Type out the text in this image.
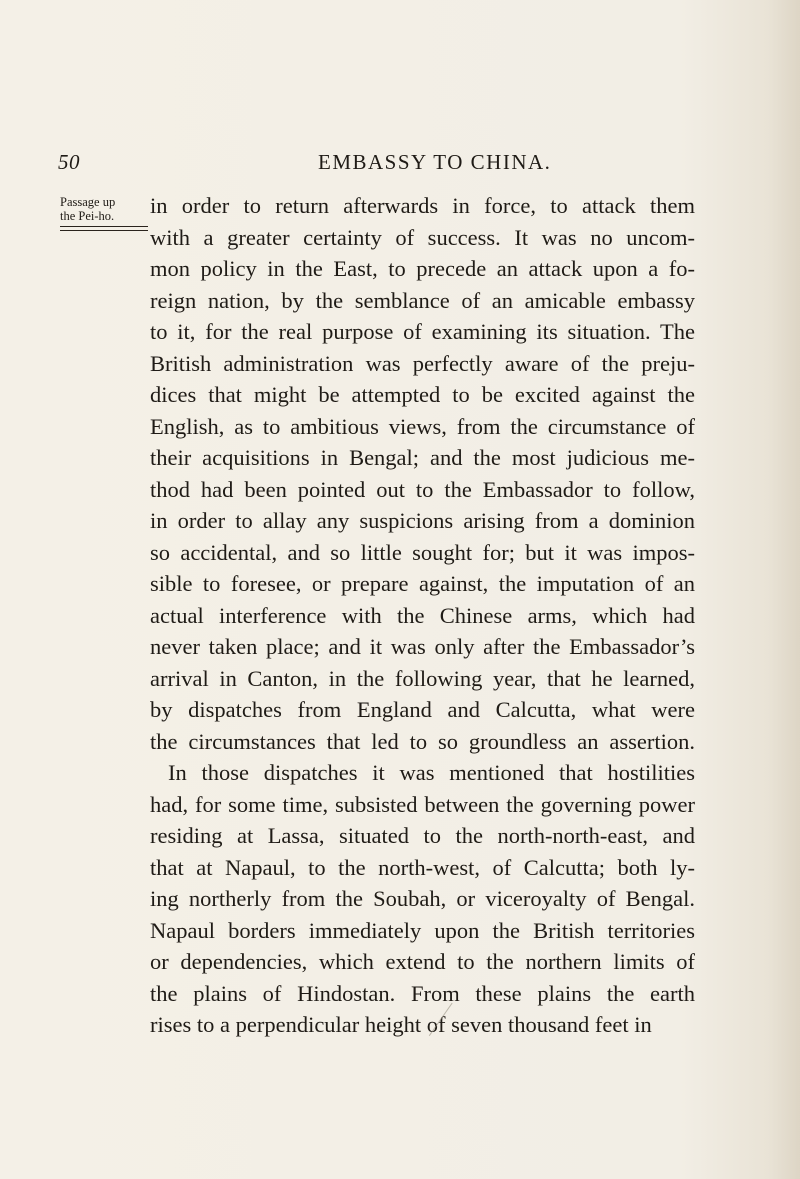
50	EMBASSY TO CHINA.
Passage up
the Pei-ho.	in order to return afterwards in force, to attack them
with a greater certainty of success. It was no uncom-
mon policy in the East, to precede an attack upon a fo-
reign nation, by the semblance of an amicable embassy
to it, for the real purpose of examining its situation. The
British administration was perfectly aware of the preju-
dices that might be attempted to be excited against the
English, as to ambitious views, from the circumstance of
their acquisitions in Bengal; and the most judicious me-
thod had been pointed out to the Embassador to follow,
in order to allay any suspicions arising from a dominion
so accidental, and so little sought for; but it was impos-
sible to foresee, or prepare against, the imputation of an
actual interference with the Chinese arms, which had
never taken place; and it was only after the Embassador’s
arrival in Canton, in the following year, that he learned,
by dispatches from England and Calcutta, what were
the circumstances that led to so groundless an assertion.
In those dispatches it was mentioned that hostilities
had, for some time, subsisted between the governing power
residing at Lassa, situated to the north-north-east, and
that at Napaul, to the north-west, of Calcutta; both ly-
ing northerly from the Soubah, or viceroyalty of Bengal.
Napaul borders immediately upon the British territories
or dependencies, which extend to the northern limits of
the plains of Hindostan. From these plains the earth
rises to a perpendicular height of seven thousand feet in
